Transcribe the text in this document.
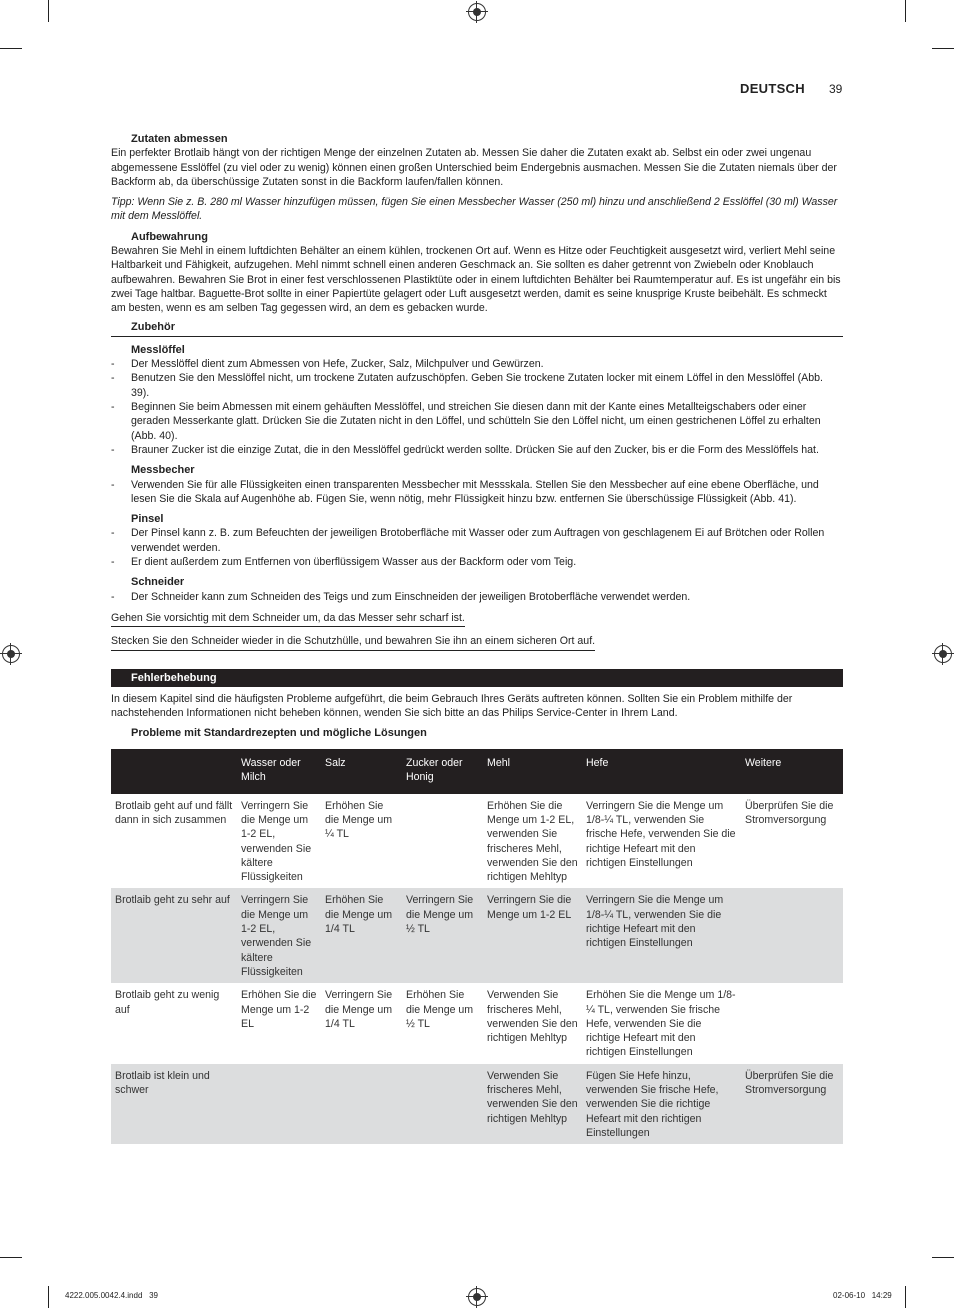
DEUTSCH 39
Zutaten abmessen

Ein perfekter Brotlaib hängt von der richtigen Menge der einzelnen Zutaten ab. Messen Sie daher die Zutaten exakt ab. Selbst ein oder zwei ungenau abgemessene Esslöffel (zu viel oder zu wenig) können einen großen Unterschied beim Endergebnis ausmachen. Messen Sie die Zutaten niemals über der Backform ab, da überschüssige Zutaten sonst in die Backform laufen/fallen können.

Tipp: Wenn Sie z. B. 280 ml Wasser hinzufügen müssen, fügen Sie einen Messbecher Wasser (250 ml) hinzu und anschließend 2 Esslöffel (30 ml) Wasser mit dem Messlöffel.

Aufbewahrung

Bewahren Sie Mehl in einem luftdichten Behälter an einem kühlen, trockenen Ort auf. Wenn es Hitze oder Feuchtigkeit ausgesetzt wird, verliert Mehl seine Haltbarkeit und Fähigkeit, aufzugehen. Mehl nimmt schnell einen anderen Geschmack an. Sie sollten es daher getrennt von Zwiebeln oder Knoblauch aufbewahren. Bewahren Sie Brot in einer fest verschlossenen Plastiktüte oder in einem luftdichten Behälter bei Raumtemperatur auf. Es ist ungefähr ein bis zwei Tage haltbar. Baguette-Brot sollte in einer Papiertüte gelagert oder Luft ausgesetzt werden, damit es seine knusprige Kruste beibehält. Es schmeckt am besten, wenn es am selben Tag gegessen wird, an dem es gebacken wurde.

Zubehör
Messlöffel
- Der Messlöffel dient zum Abmessen von Hefe, Zucker, Salz, Milchpulver und Gewürzen.
- Benutzen Sie den Messlöffel nicht, um trockene Zutaten aufzuschöpfen. Geben Sie trockene Zutaten locker mit einem Löffel in den Messlöffel (Abb. 39).
- Beginnen Sie beim Abmessen mit einem gehäuften Messlöffel, und streichen Sie diesen dann mit der Kante eines Metallteigschabers oder einer geraden Messerkante glatt. Drücken Sie die Zutaten nicht in den Löffel, und schütteln Sie den Löffel nicht, um einen gestrichenen Löffel zu erhalten (Abb. 40).
- Brauner Zucker ist die einzige Zutat, die in den Messlöffel gedrückt werden sollte. Drücken Sie auf den Zucker, bis er die Form des Messlöffels hat.
Messbecher
- Verwenden Sie für alle Flüssigkeiten einen transparenten Messbecher mit Messskala. Stellen Sie den Messbecher auf eine ebene Oberfläche, und lesen Sie die Skala auf Augenhöhe ab. Fügen Sie, wenn nötig, mehr Flüssigkeit hinzu bzw. entfernen Sie überschüssige Flüssigkeit (Abb. 41).
Pinsel
- Der Pinsel kann z. B. zum Befeuchten der jeweiligen Brotoberfläche mit Wasser oder zum Auftragen von geschlagenem Ei auf Brötchen oder Rollen verwendet werden.
- Er dient außerdem zum Entfernen von überflüssigem Wasser aus der Backform oder vom Teig.
Schneider
- Der Schneider kann zum Schneiden des Teigs und zum Einschneiden der jeweiligen Brotoberfläche verwendet werden.

Gehen Sie vorsichtig mit dem Schneider um, da das Messer sehr scharf ist.

Stecken Sie den Schneider wieder in die Schutzhülle, und bewahren Sie ihn an einem sicheren Ort auf.

Fehlerbehebung

In diesem Kapitel sind die häufigsten Probleme aufgeführt, die beim Gebrauch Ihres Geräts auftreten können. Sollten Sie ein Problem mithilfe der nachstehenden Informationen nicht beheben können, wenden Sie sich bitte an das Philips Service-Center in Ihrem Land.

Probleme mit Standardrezepten und mögliche Lösungen
	Wasser oder Milch	Salz	Zucker oder Honig	Mehl	Hefe	Weitere
Brotlaib geht auf und fällt dann in sich zusammen	Verringern Sie die Menge um 1-2 EL, verwenden Sie kältere Flüssigkeiten	Erhöhen Sie die Menge um ¼ TL		Erhöhen Sie die Menge um 1-2 EL, verwenden Sie frischeres Mehl, verwenden Sie den richtigen Mehltyp	Verringern Sie die Menge um 1/8-¼ TL, verwenden Sie frische Hefe, verwenden Sie die richtige Hefeart mit den richtigen Einstellungen	Überprüfen Sie die Stromversorgung
Brotlaib geht zu sehr auf	Verringern Sie die Menge um 1-2 EL, verwenden Sie kältere Flüssigkeiten	Erhöhen Sie die Menge um 1/4 TL	Verringern Sie die Menge um ½ TL	Verringern Sie die Menge um 1-2 EL	Verringern Sie die Menge um 1/8-¼ TL, verwenden Sie die richtige Hefeart mit den richtigen Einstellungen	
Brotlaib geht zu wenig auf	Erhöhen Sie die Menge um 1-2 EL	Verringern Sie die Menge um 1/4 TL	Erhöhen Sie die Menge um ½ TL	Verwenden Sie frischeres Mehl, verwenden Sie den richtigen Mehltyp	Erhöhen Sie die Menge um 1/8-¼ TL, verwenden Sie frische Hefe, verwenden Sie die richtige Hefeart mit den richtigen Einstellungen	
Brotlaib ist klein und schwer				Verwenden Sie frischeres Mehl, verwenden Sie den richtigen Mehltyp	Fügen Sie Hefe hinzu, verwenden Sie frische Hefe, verwenden Sie die richtige Hefeart mit den richtigen Einstellungen	Überprüfen Sie die Stromversorgung
4222.005.0042.4.indd   39	02-06-10   14:29
